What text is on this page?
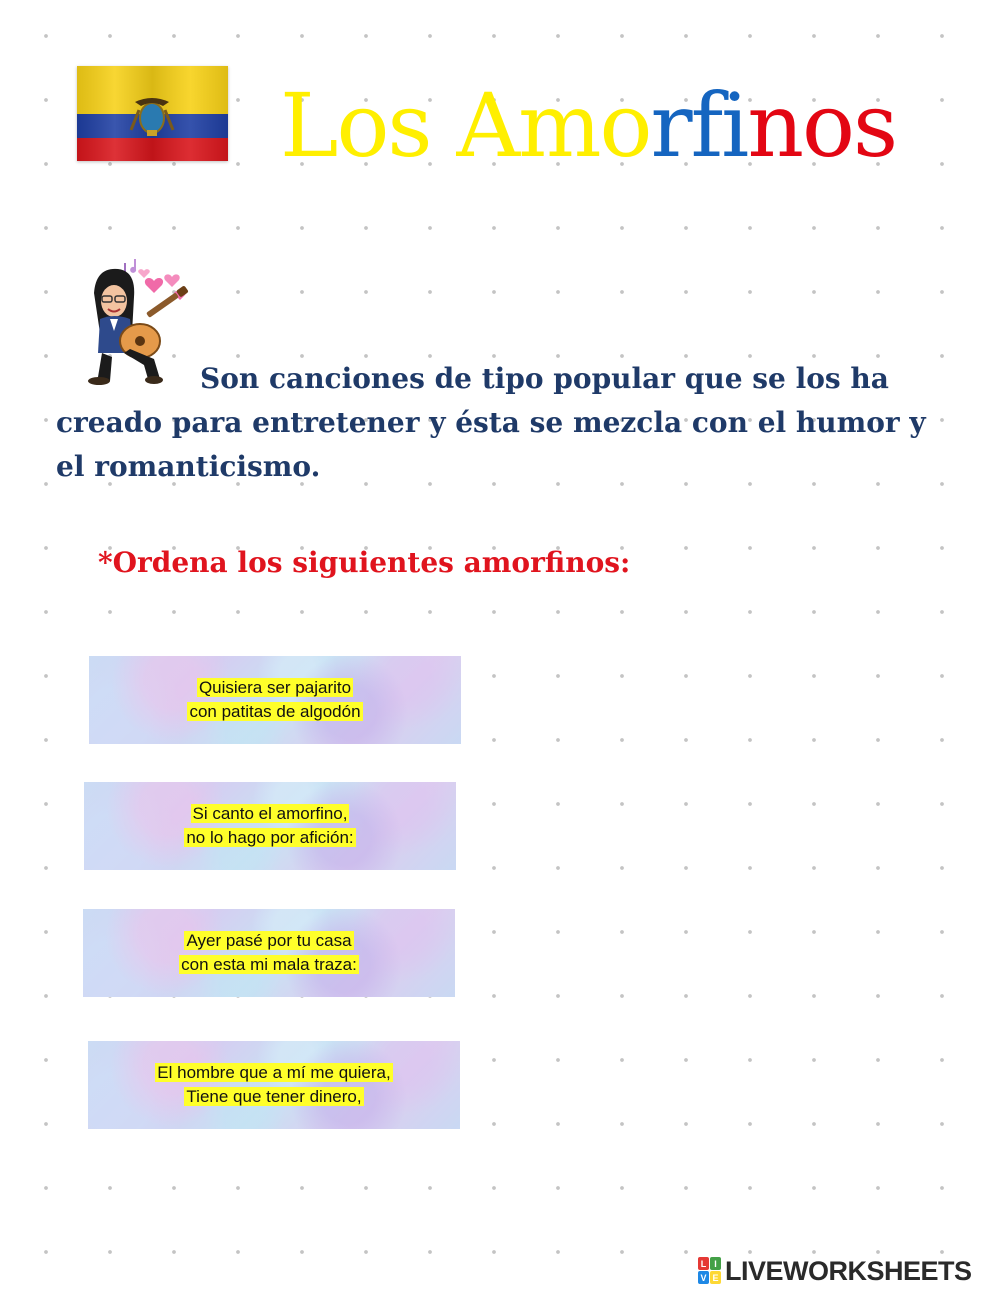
Los Amorfinos

Son canciones de tipo popular que se los ha creado para entretener y ésta se mezcla con el humor y el romanticismo.

*Ordena los siguientes amorfinos:

Quisiera ser pajarito
con patitas de algodón
Si canto el amorfino,
no lo hago por afición:
Ayer pasé por tu casa
con esta mi mala traza:
El hombre que a mí me quiera,
Tiene que tener dinero,
L I
V E LIVEWORKSHEETS
